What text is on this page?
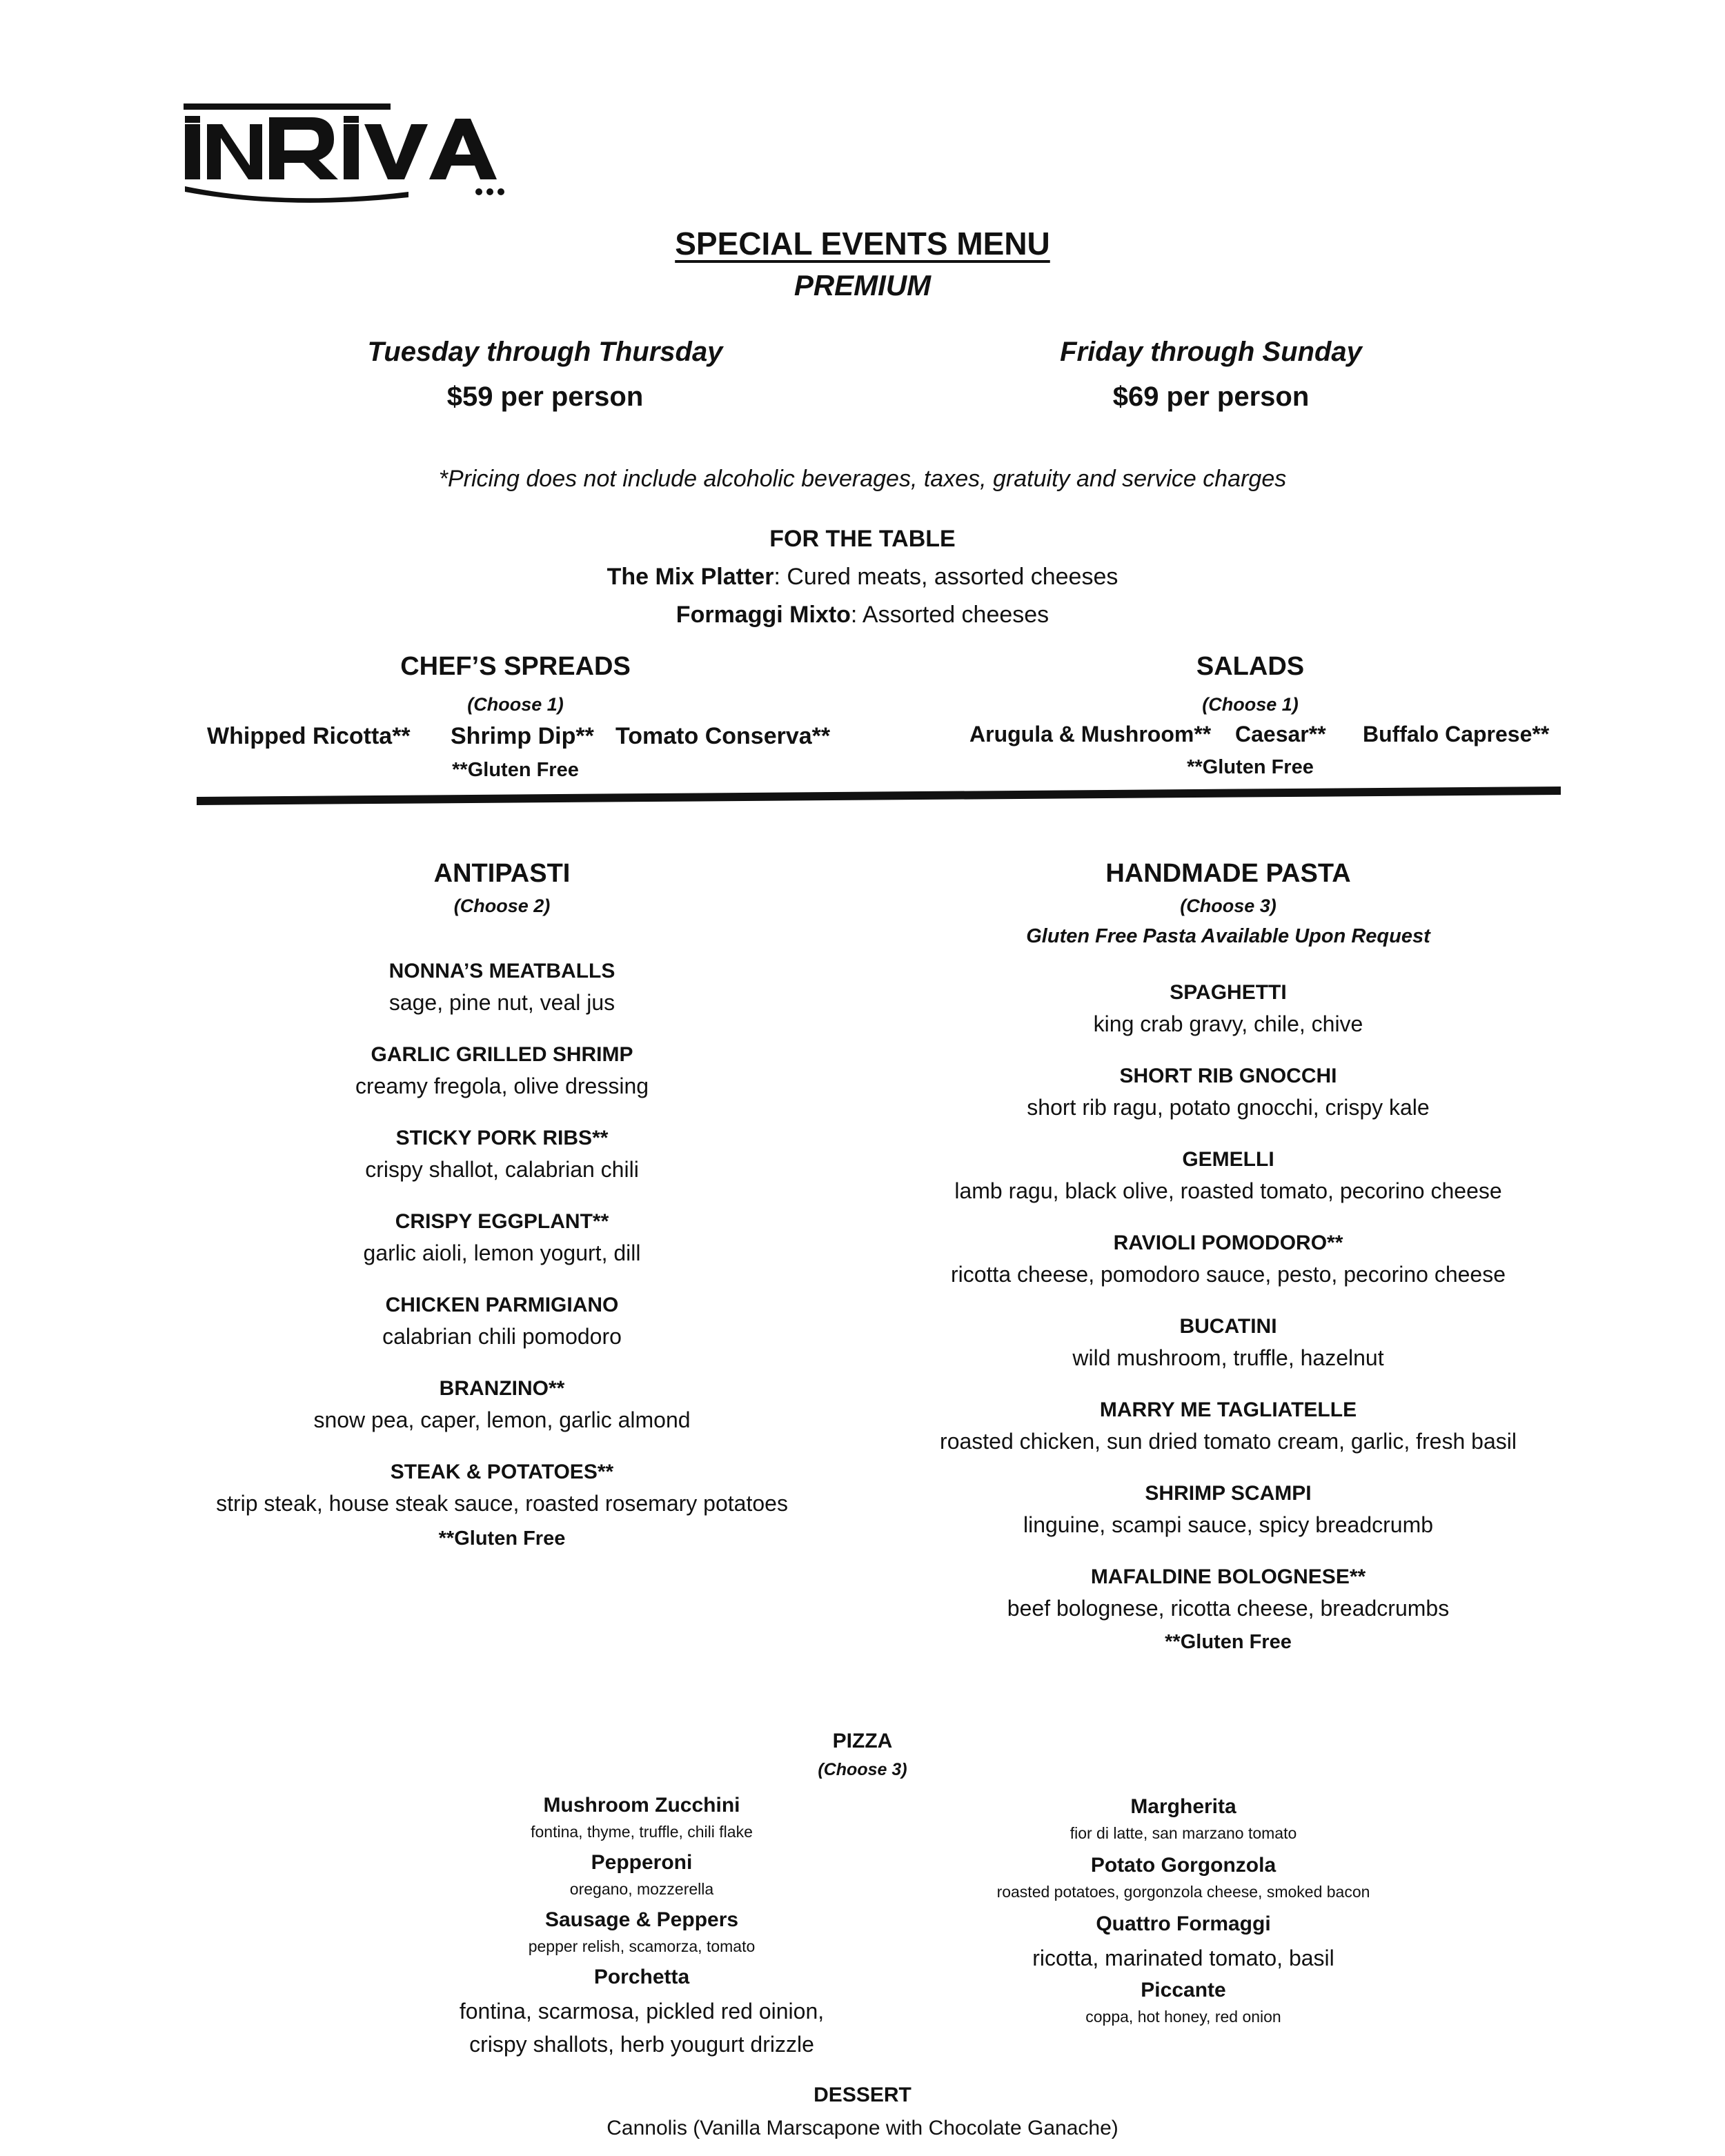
SPECIAL EVENTS MENU
PREMIUM
Tuesday through Thursday
$59 per person
Friday through Sunday
$69 per person
*Pricing does not include alcoholic beverages, taxes, gratuity and service charges
FOR THE TABLE
The Mix Platter: Cured meats, assorted cheeses
Formaggi Mixto: Assorted cheeses
CHEF’S SPREADS
(Choose 1)
Whipped Ricotta** Shrimp Dip** Tomato Conserva**
**Gluten Free
SALADS
(Choose 1)
Arugula & Mushroom** Caesar** Buffalo Caprese**
**Gluten Free
ANTIPASTI
(Choose 2)
NONNA’S MEATBALLS
sage, pine nut, veal jus
GARLIC GRILLED SHRIMP
creamy fregola, olive dressing
STICKY PORK RIBS**
crispy shallot, calabrian chili
CRISPY EGGPLANT**
garlic aioli, lemon yogurt, dill
CHICKEN PARMIGIANO
calabrian chili pomodoro
BRANZINO**
snow pea, caper, lemon, garlic almond
STEAK & POTATOES**
strip steak, house steak sauce, roasted rosemary potatoes
**Gluten Free
HANDMADE PASTA
(Choose 3)
Gluten Free Pasta Available Upon Request
SPAGHETTI
king crab gravy, chile, chive
SHORT RIB GNOCCHI
short rib ragu, potato gnocchi, crispy kale
GEMELLI
lamb ragu, black olive, roasted tomato, pecorino cheese
RAVIOLI POMODORO**
ricotta cheese, pomodoro sauce, pesto, pecorino cheese
BUCATINI
wild mushroom, truffle, hazelnut
MARRY ME TAGLIATELLE
roasted chicken, sun dried tomato cream, garlic, fresh basil
SHRIMP SCAMPI
linguine, scampi sauce, spicy breadcrumb
MAFALDINE BOLOGNESE**
beef bolognese, ricotta cheese, breadcrumbs
**Gluten Free
PIZZA
(Choose 3)
Mushroom Zucchini
fontina, thyme, truffle, chili flake
Pepperoni
oregano, mozzerella
Sausage & Peppers
pepper relish, scamorza, tomato
Porchetta
fontina, scarmosa, pickled red oinion, crispy shallots, herb yougurt drizzle
Margherita
fior di latte, san marzano tomato
Potato Gorgonzola
roasted potatoes, gorgonzola cheese, smoked bacon
Quattro Formaggi
ricotta, marinated tomato, basil
Piccante
coppa, hot honey, red onion
DESSERT
Cannolis (Vanilla Marscapone with Chocolate Ganache)
